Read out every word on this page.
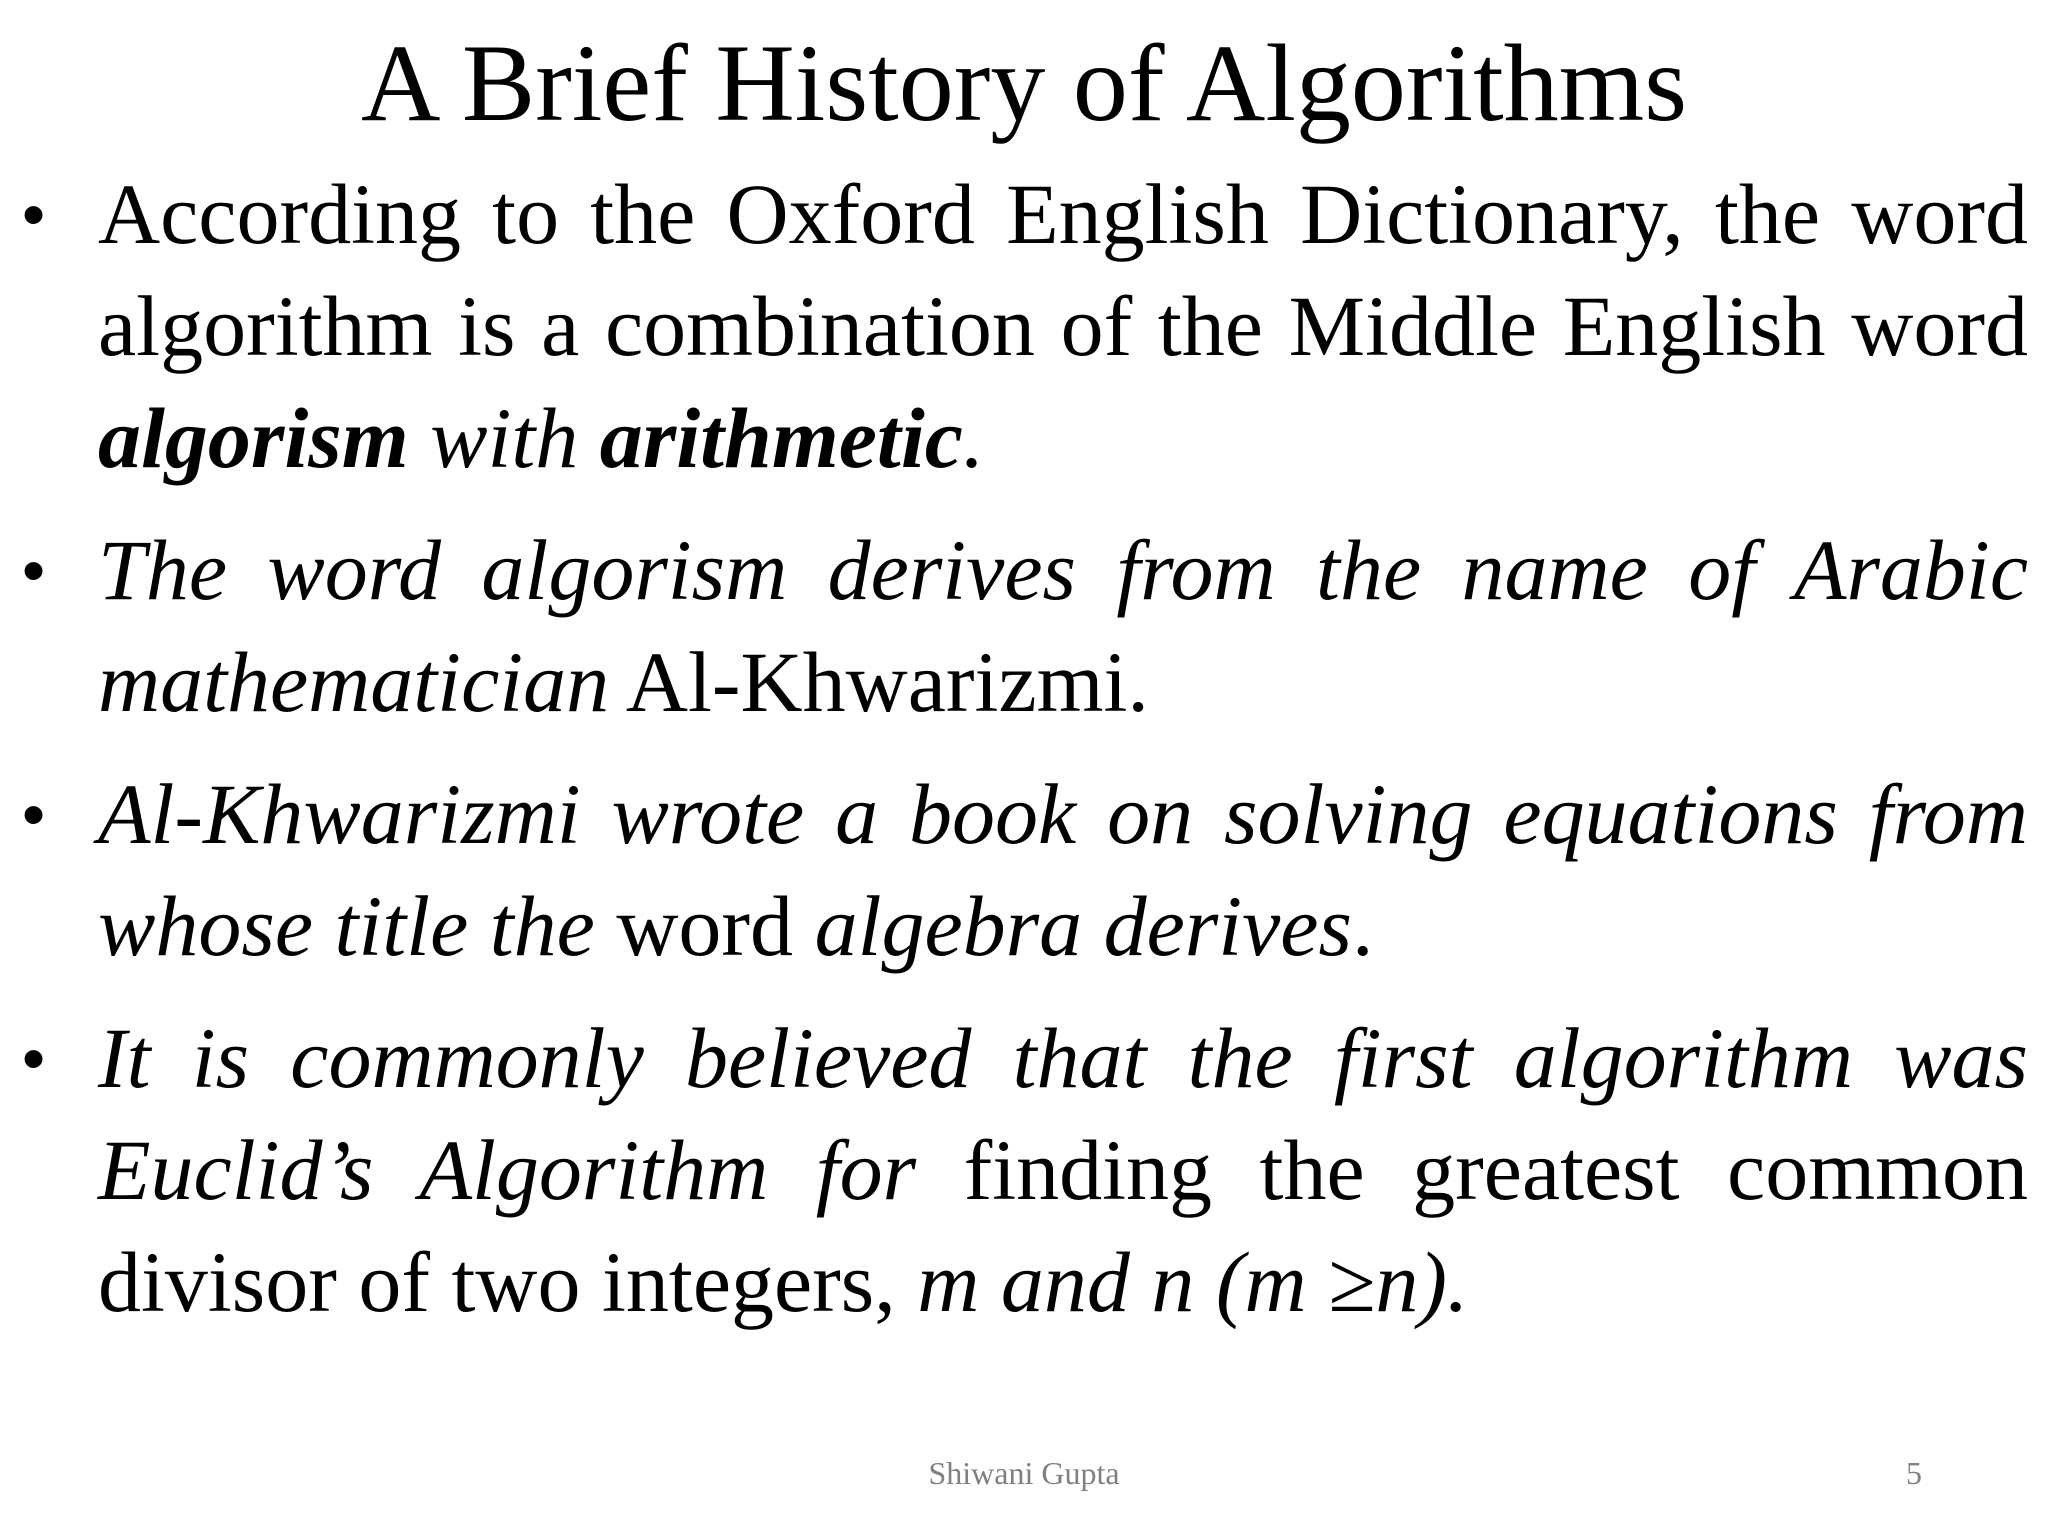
A Brief History of Algorithms
• According to the Oxford English Dictionary, the word algorithm is a combination of the Middle English word algorism with arithmetic.
• The word algorism derives from the name of Arabic mathematician Al-Khwarizmi.
• Al-Khwarizmi wrote a book on solving equations from whose title the word algebra derives.
• It is commonly believed that the first algorithm was Euclid’s Algorithm for finding the greatest common divisor of two integers, m and n (m ≥n).
Shiwani Gupta	5
